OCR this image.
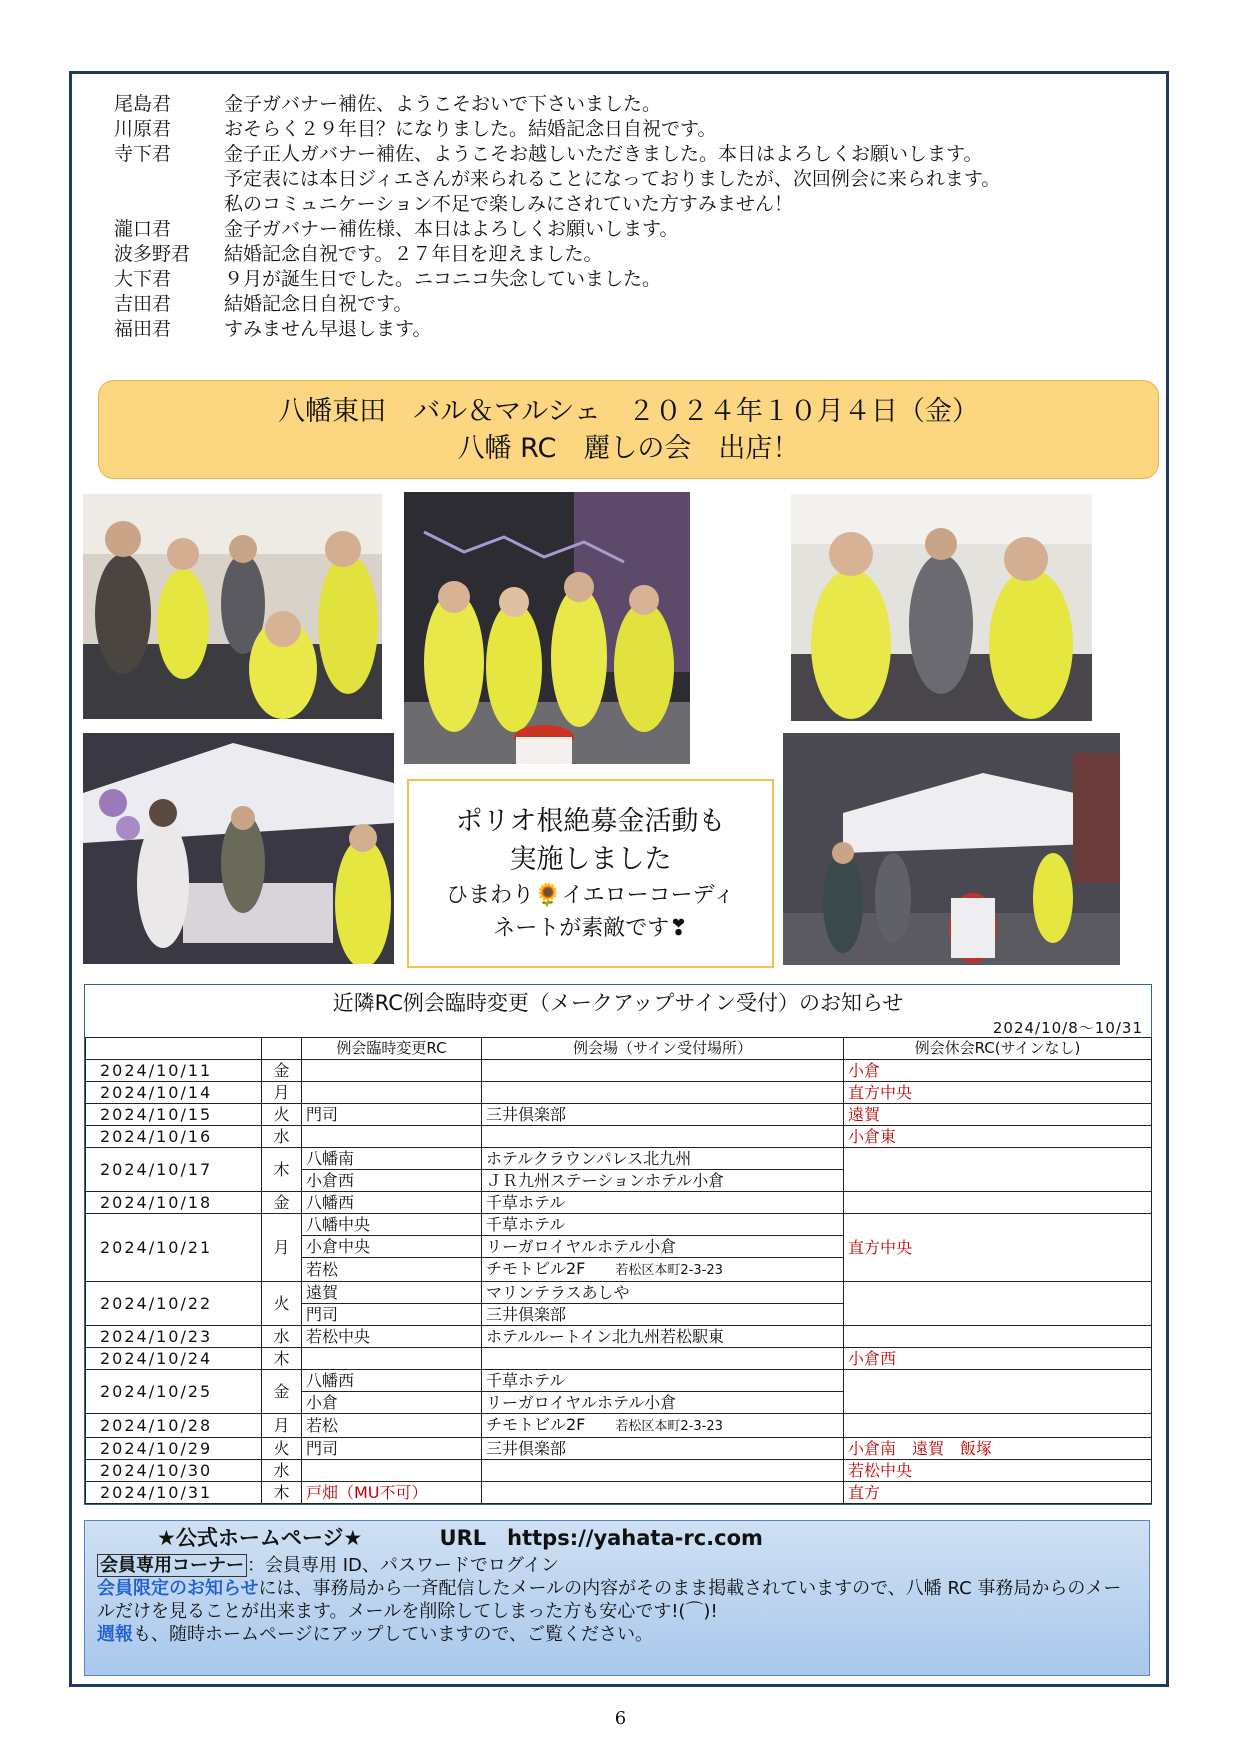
尾島君	金子ガバナー補佐、ようこそおいで下さいました。
川原君	おそらく２９年目？になりました。結婚記念日自祝です。
寺下君	金子正人ガバナー補佐、ようこそお越しいただきました。本日はよろしくお願いします。
予定表には本日ジィエさんが来られることになっておりましたが、次回例会に来られます。
私のコミュニケーション不足で楽しみにされていた方すみません！
瀧口君	金子ガバナー補佐様、本日はよろしくお願いします。
波多野君	結婚記念自祝です。２７年目を迎えました。
大下君	９月が誕生日でした。ニコニコ失念していました。
吉田君	結婚記念日自祝です。
福田君	すみません早退します。
八幡東田　バル＆マルシェ　２０２４年１０月４日（金）
八幡 RC　麗しの会　出店！
ポリオ根絶募金活動も
実施しました
ひまわり🌻イエローコーディ
ネートが素敵です❣
近隣RC例会臨時変更（メークアップサイン受付）のお知らせ
2024/10/8～10/31
		例会臨時変更RC	例会場（サイン受付場所）	例会休会RC(サインなし)
2024/10/11	金			小倉
2024/10/14	月			直方中央
2024/10/15	火	門司	三井倶楽部	遠賀
2024/10/16	水			小倉東
2024/10/17	木	八幡南	ホテルクラウンパレス北九州	
		小倉西	ＪＲ九州ステーションホテル小倉	
2024/10/18	金	八幡西	千草ホテル	
2024/10/21	月	八幡中央	千草ホテル	直方中央
		小倉中央	リーガロイヤルホテル小倉	
		若松	チモトビル2F 若松区本町2-3-23	
2024/10/22	火	遠賀	マリンテラスあしや	
		門司	三井倶楽部	
2024/10/23	水	若松中央	ホテルルートイン北九州若松駅東	
2024/10/24	木			小倉西
2024/10/25	金	八幡西	千草ホテル	
		小倉	リーガロイヤルホテル小倉	
2024/10/28	月	若松	チモトビル2F 若松区本町2-3-23	
2024/10/29	火	門司	三井倶楽部	小倉南　遠賀　飯塚
2024/10/30	水			若松中央
2024/10/31	木	戸畑（MU不可）		直方
★公式ホームページ★	URL　https://yahata-rc.com
会員専用コーナー ：会員専用 ID、パスワードでログイン
会員限定のお知らせには、事務局から一斉配信したメールの内容がそのまま掲載されていますので、八幡 RC 事務局からのメールだけを見ることが出来ます。メールを削除してしまった方も安心です!(⌒)!
週報も、随時ホームページにアップしていますので、ご覧ください。
6
